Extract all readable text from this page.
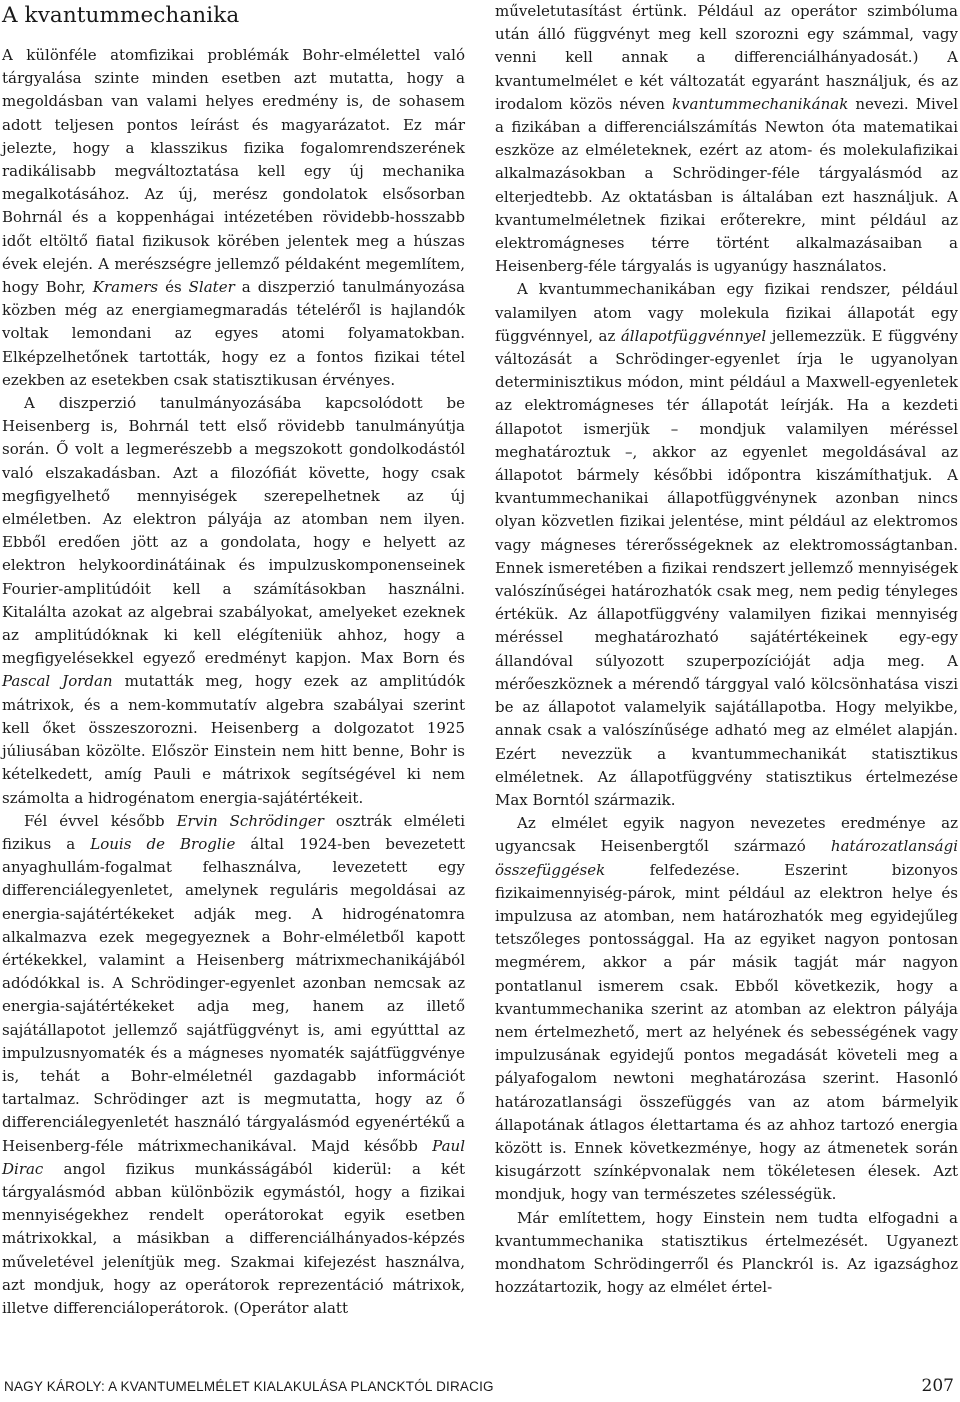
A kvantummechanika

A különféle atomfizikai problémák Bohr-elmélettel való tárgyalása szinte minden esetben azt mutatta, hogy a megoldásban van valami helyes eredmény is, de sohasem adott teljesen pontos leírást és magyarázatot. Ez már jelezte, hogy a klasszikus fizika fogalomrendszerének radikálisabb megváltoztatása kell egy új mechanika megalkotásához. Az új, merész gondolatok elsősorban Bohrnál és a koppenhágai intézetében rövidebb-hosszabb időt eltöltő fiatal fizikusok körében jelentek meg a húszas évek elején. A merészségre jellemző példaként megemlítem, hogy Bohr, Kramers és Slater a diszperzió tanulmányozása közben még az energiamegmaradás tételéről is hajlandók voltak lemondani az egyes atomi folyamatokban. Elképzelhetőnek tartották, hogy ez a fontos fizikai tétel ezekben az esetekben csak statisztikusan érvényes.

A diszperzió tanulmányozásába kapcsolódott be Heisenberg is, Bohrnál tett első rövidebb tanulmányútja során. Ő volt a legmerészebb a megszokott gondolkodástól való elszakadásban. Azt a filozófiát követte, hogy csak megfigyelhető mennyiségek szerepelhetnek az új elméletben. Az elektron pályája az atomban nem ilyen. Ebből eredően jött az a gondolata, hogy e helyett az elektron helykoordinátáinak és impulzuskomponenseinek Fourier-amplitúdóit kell a számításokban használni. Kitalálta azokat az algebrai szabályokat, amelyeket ezeknek az amplitúdóknak ki kell elégíteniük ahhoz, hogy a megfigyelésekkel egyező eredményt kapjon. Max Born és Pascal Jordan mutatták meg, hogy ezek az amplitúdók mátrixok, és a nem-kommutatív algebra szabályai szerint kell őket összeszorozni. Heisenberg a dolgozatot 1925 júliusában közölte. Először Einstein nem hitt benne, Bohr is kételkedett, amíg Pauli e mátrixok segítségével ki nem számolta a hidrogénatom energia-sajátértékeit.

Fél évvel később Ervin Schrödinger osztrák elméleti fizikus a Louis de Broglie által 1924-ben bevezetett anyaghullám-fogalmat felhasználva, levezetett egy differenciálegyenletet, amelynek reguláris megoldásai az energia-sajátértékeket adják meg. A hidrogénatomra alkalmazva ezek megegyeznek a Bohr-elméletből kapott értékekkel, valamint a Heisenberg mátrixmechanikájából adódókkal is. A Schrödinger-egyenlet azonban nemcsak az energia-sajátértékeket adja meg, hanem az illető sajátállapotot jellemző sajátfüggvényt is, ami egyútttal az impulzusnyomaték és a mágneses nyomaték sajátfüggvénye is, tehát a Bohr-elméletnél gazdagabb információt tartalmaz. Schrödinger azt is megmutatta, hogy az ő differenciálegyenletét használó tárgyalásmód egyenértékű a Heisenberg-féle mátrixmechanikával. Majd később Paul Dirac angol fizikus munkásságából kiderül: a két tárgyalásmód abban különbözik egymástól, hogy a fizikai mennyiségekhez rendelt operátorokat egyik esetben mátrixokkal, a másikban a differenciálhányados-képzés műveletével jelenítjük meg. Szakmai kifejezést használva, azt mondjuk, hogy az operátorok reprezentáció mátrixok, illetve differenciáloperátorok. (Operátor alatt

műveletutasítást értünk. Például az operátor szimbóluma után álló függvényt meg kell szorozni egy számmal, vagy venni kell annak a differenciálhányadosát.) A kvantumelmélet e két változatát egyaránt használjuk, és az irodalom közös néven kvantummechanikának nevezi. Mivel a fizikában a differenciálszámítás Newton óta matematikai eszköze az elméleteknek, ezért az atom- és molekulafizikai alkalmazásokban a Schrödinger-féle tárgyalásmód az elterjedtebb. Az oktatásban is általában ezt használjuk. A kvantumelméletnek fizikai erőterekre, mint például az elektromágneses térre történt alkalmazásaiban a Heisenberg-féle tárgyalás is ugyanúgy használatos.

A kvantummechanikában egy fizikai rendszer, például valamilyen atom vagy molekula fizikai állapotát egy függvénnyel, az állapotfüggvénnyel jellemezzük. E függvény változását a Schrödinger-egyenlet írja le ugyanolyan determinisztikus módon, mint például a Maxwell-egyenletek az elektromágneses tér állapotát leírják. Ha a kezdeti állapotot ismerjük – mondjuk valamilyen méréssel meghatároztuk –, akkor az egyenlet megoldásával az állapotot bármely későbbi időpontra kiszámíthatjuk. A kvantummechanikai állapotfüggvénynek azonban nincs olyan közvetlen fizikai jelentése, mint például az elektromos vagy mágneses térerősségeknek az elektromosságtanban. Ennek ismeretében a fizikai rendszert jellemző mennyiségek valószínűségei határozhatók csak meg, nem pedig tényleges értékük. Az állapotfüggvény valamilyen fizikai mennyiség méréssel meghatározható sajátértékeinek egy-egy állandóval súlyozott szuperpozícióját adja meg. A mérőeszköznek a mérendő tárggyal való kölcsönhatása viszi be az állapotot valamelyik sajátállapotba. Hogy melyikbe, annak csak a valószínűsége adható meg az elmélet alapján. Ezért nevezzük a kvantummechanikát statisztikus elméletnek. Az állapotfüggvény statisztikus értelmezése Max Borntól származik.

Az elmélet egyik nagyon nevezetes eredménye az ugyancsak Heisenbergtől származó határozatlansági összefüggések felfedezése. Eszerint bizonyos fizikaimennyiség-párok, mint például az elektron helye és impulzusa az atomban, nem határozhatók meg egyidejűleg tetszőleges pontossággal. Ha az egyiket nagyon pontosan megmérem, akkor a pár másik tagját már nagyon pontatlanul ismerem csak. Ebből következik, hogy a kvantummechanika szerint az atomban az elektron pályája nem értelmezhető, mert az helyének és sebességének vagy impulzusának egyidejű pontos megadását követeli meg a pályafogalom newtoni meghatározása szerint. Hasonló határozatlansági összefüggés van az atom bármelyik állapotának átlagos élettartama és az ahhoz tartozó energia között is. Ennek következménye, hogy az átmenetek során kisugárzott színképvonalak nem tökéletesen élesek. Azt mondjuk, hogy van természetes szélességük.

Már említettem, hogy Einstein nem tudta elfogadni a kvantummechanika statisztikus értelmezését. Ugyanezt mondhatom Schrödingerről és Planckról is. Az igazsághoz hozzátartozik, hogy az elmélet értel-

NAGY KÁROLY: A KVANTUMELMÉLET KIALAKULÁSA PLANCKTÓL DIRACIG	207
